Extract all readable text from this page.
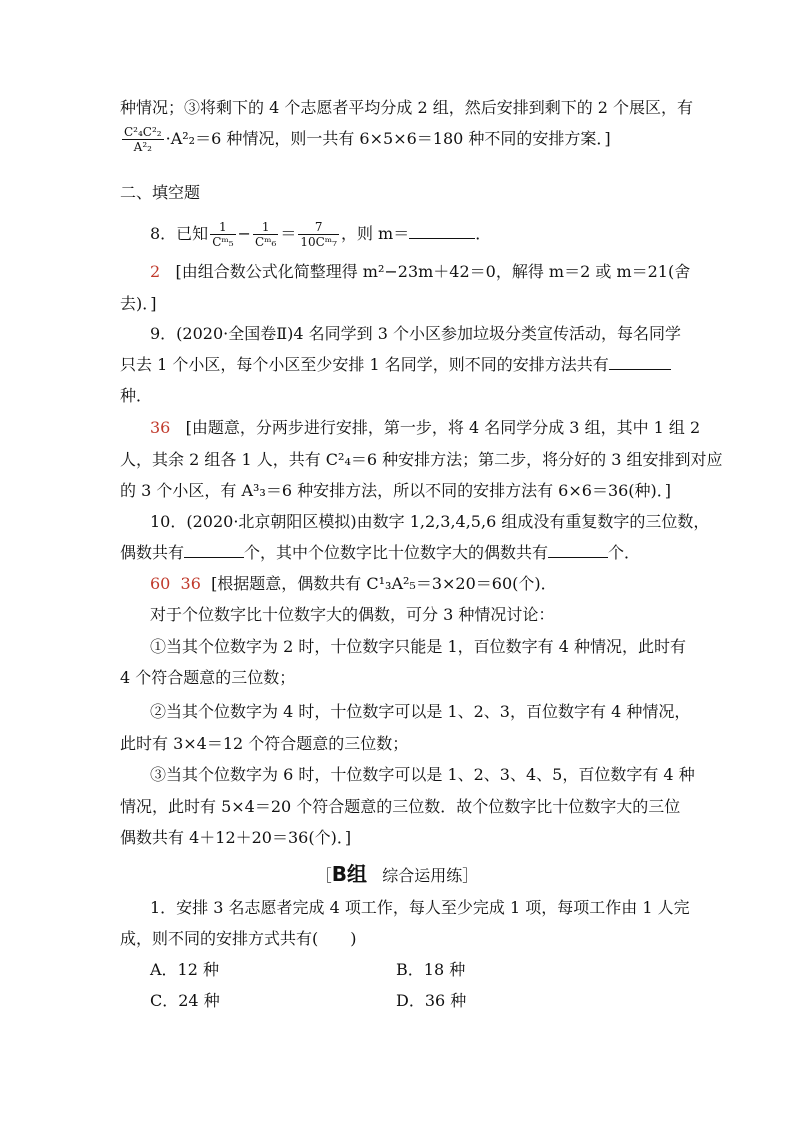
种情况；③将剩下的 4 个志愿者平均分成 2 组，然后安排到剩下的 2 个展区，有
$\frac{\text{C²₄C²₂}}{\text{A²₂}} \cdot A^2_2=6$ 种情况，则一共有 6×5×6＝180 种不同的安排方案．]
二、填空题
8．已知 $\frac{1}{\text{Cᵐ₅}} - \frac{1}{\text{Cᵐ₆}} = \frac{7}{\text{10Cᵐ₇}}$ ，则 m＝	．
2 [由组合数公式化简整理得 m²−23m＋42＝0，解得 m＝2 或 m＝21(舍
去)．]
9．(2020·全国卷Ⅱ)4 名同学到 3 个小区参加垃圾分类宣传活动，每名同学
只去 1 个小区，每个小区至少安排 1 名同学，则不同的安排方法共有
种．
36 [由题意，分两步进行安排，第一步，将 4 名同学分成 3 组，其中 1 组 2
人，其余 2 组各 1 人，共有 C²₄＝6 种安排方法；第二步，将分好的 3 组安排到对应
的 3 个小区，有 A³₃＝6 种安排方法，所以不同的安排方法有 6×6＝36(种)．]
10．(2020·北京朝阳区模拟)由数字 1,2,3,4,5,6 组成没有重复数字的三位数，
偶数共有	个，其中个位数字比十位数字大的偶数共有	个．
60 36 [根据题意，偶数共有 C¹₃A²₅＝3×20＝60(个)．
对于个位数字比十位数字大的偶数，可分 3 种情况讨论：
①当其个位数字为 2 时，十位数字只能是 1，百位数字有 4 种情况，此时有
4 个符合题意的三位数；
②当其个位数字为 4 时，十位数字可以是 1、2、3，百位数字有 4 种情况，
此时有 3×4＝12 个符合题意的三位数；
③当其个位数字为 6 时，十位数字可以是 1、2、3、4、5，百位数字有 4 种
情况，此时有 5×4＝20 个符合题意的三位数．故个位数字比十位数字大的三位
偶数共有 4＋12＋20＝36(个)．]
［B组 综合运用练］
1．安排 3 名志愿者完成 4 项工作，每人至少完成 1 项，每项工作由 1 人完
成，则不同的安排方式共有(　　)
A．12 种	B．18 种
C．24 种	D．36 种
